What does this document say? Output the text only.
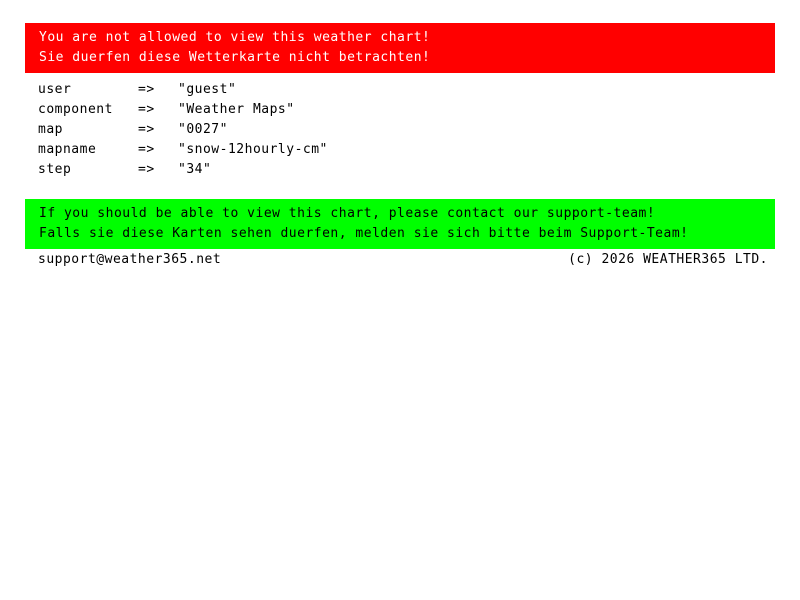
You are not allowed to view this weather chart!
Sie duerfen diese Wetterkarte nicht betrachten!
user	=>	"guest"
component	=>	"Weather Maps"
map	=>	"0027"
mapname	=>	"snow-12hourly-cm"
step	=>	"34"
If you should be able to view this chart, please contact our support-team!
Falls sie diese Karten sehen duerfen, melden sie sich bitte beim Support-Team!
support@weather365.net	(c) 2026 WEATHER365 LTD.
